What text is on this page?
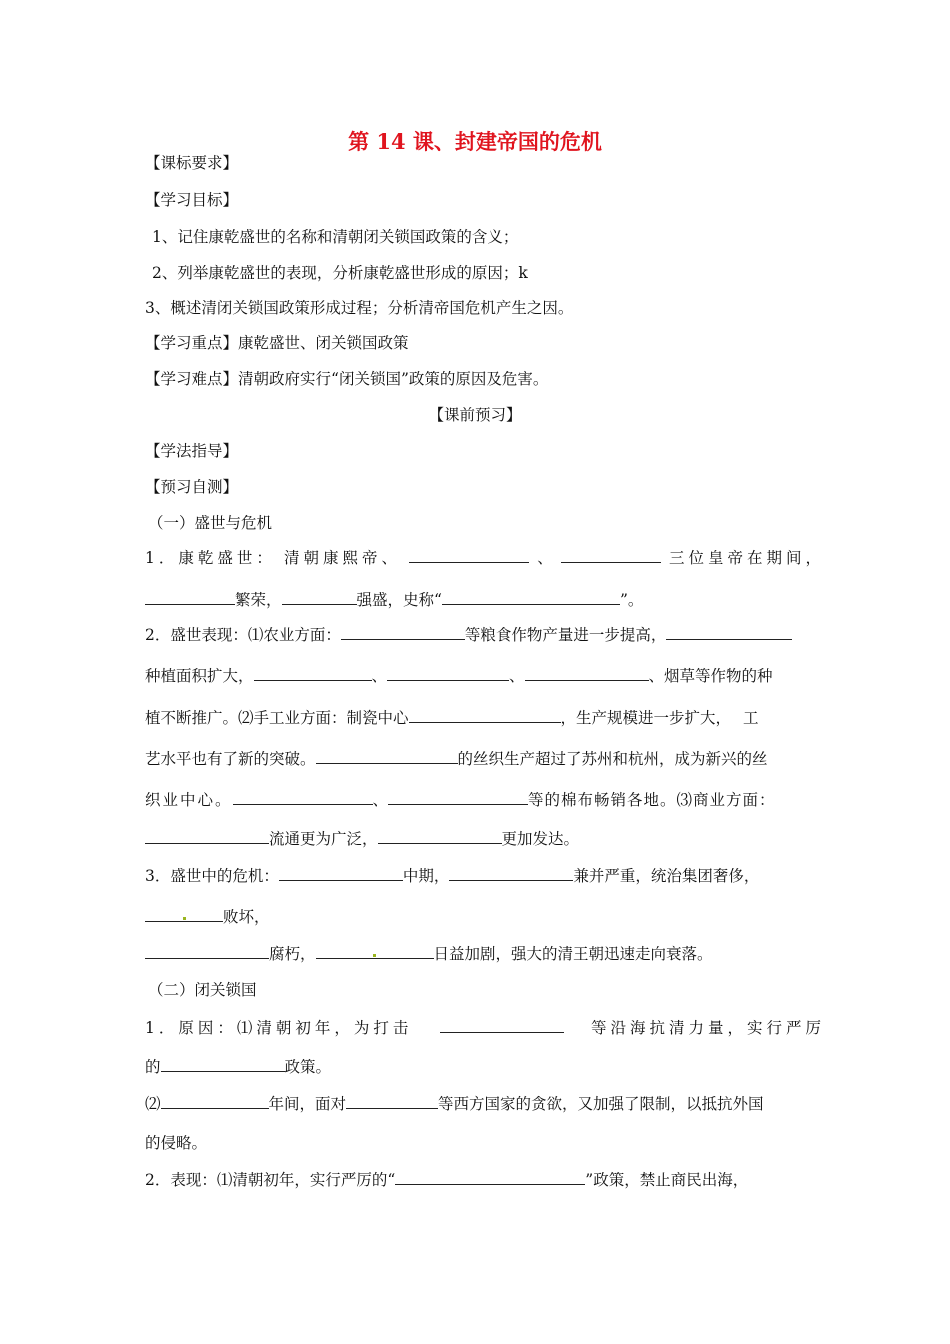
第 14 课、封建帝国的危机
【课标要求】
【学习目标】
1、记住康乾盛世的名称和清朝闭关锁国政策的含义；
2、列举康乾盛世的表现，分析康乾盛世形成的原因；k
3、概述清闭关锁国政策形成过程；分析清帝国危机产生之因。
【学习重点】康乾盛世、闭关锁国政策
【学习难点】清朝政府实行“闭关锁国”政策的原因及危害。
【课前预习】
【学法指导】
【预习自测】
（一）盛世与危机
1．康乾盛世： 清朝康熙帝、	、	三位皇帝在期间，
繁荣，	强盛，史称“	”。
2．盛世表现：⑴农业方面：	等粮食作物产量进一步提高，
种植面积扩大，	、	、	、烟草等作物的种
植不断推广。⑵手工业方面：制瓷中心	，生产规模进一步扩大， 工
艺水平也有了新的突破。	的丝织生产超过了苏州和杭州，成为新兴的丝
织业中心。	、	等的棉布畅销各地。⑶商业方面：
流通更为广泛，	更加发达。
3．盛世中的危机：	中期，	兼并严重，统治集团奢侈，
败坏，
腐朽，	日益加剧，强大的清王朝迅速走向衰落。
（二）闭关锁国
1．原因：⑴清朝初年，为打击	等沿海抗清力量，实行严厉
的	政策。
⑵	年间，面对	等西方国家的贪欲，又加强了限制，以抵抗外国
的侵略。
2．表现：⑴清朝初年，实行严厉的“	”政策，禁止商民出海，
